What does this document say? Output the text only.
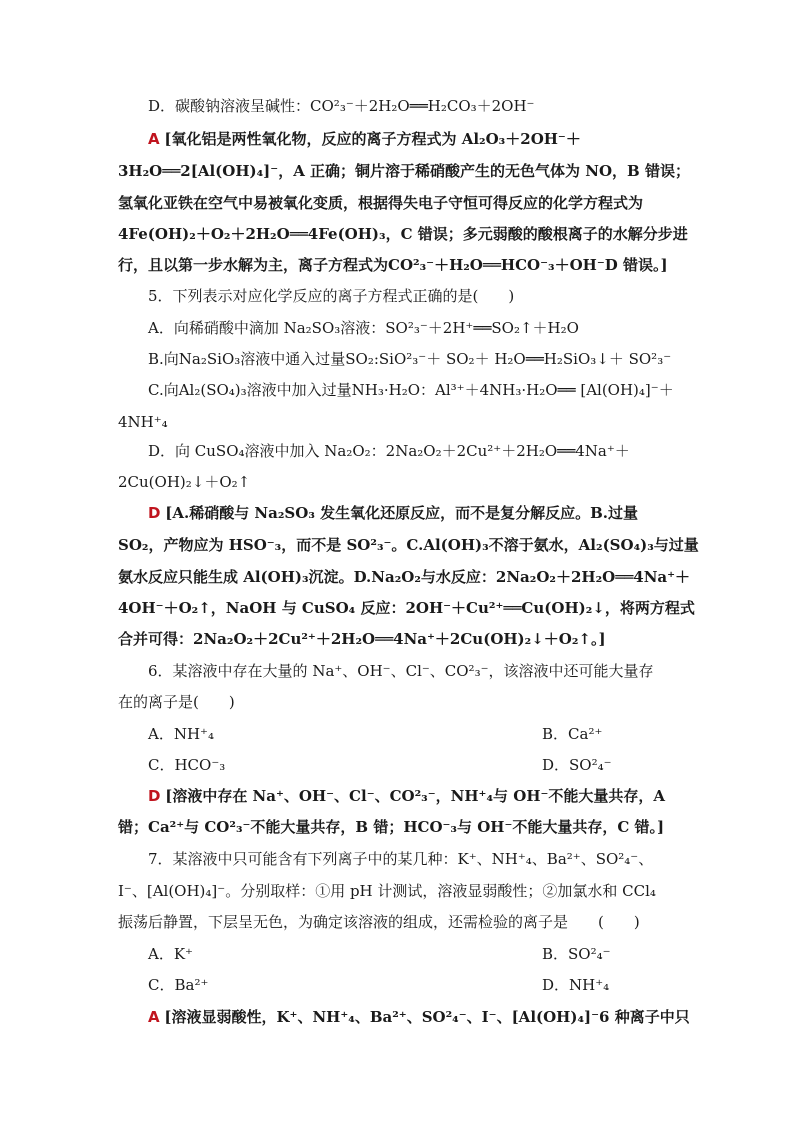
D．碳酸钠溶液呈碱性：CO²₃⁻＋2H₂O══H₂CO₃＋2OH⁻
A [氧化铝是两性氧化物，反应的离子方程式为 Al₂O₃＋2OH⁻＋
3H₂O══2[Al(OH)₄]⁻，A 正确；铜片溶于稀硝酸产生的无色气体为 NO，B 错误；
氢氧化亚铁在空气中易被氧化变质，根据得失电子守恒可得反应的化学方程式为
4Fe(OH)₂＋O₂＋2H₂O══4Fe(OH)₃，C 错误；多元弱酸的酸根离子的水解分步进
行，且以第一步水解为主，离子方程式为CO²₃⁻＋H₂O══HCO⁻₃＋OH⁻D 错误。]
5．下列表示对应化学反应的离子方程式正确的是(　　)
A．向稀硝酸中滴加 Na₂SO₃溶液：SO²₃⁻＋2H⁺══SO₂↑＋H₂O
B.向Na₂SiO₃溶液中通入过量SO₂:SiO²₃⁻＋ SO₂＋ H₂O══H₂SiO₃↓＋ SO²₃⁻
C.向Al₂(SO₄)₃溶液中加入过量NH₃·H₂O：Al³⁺＋4NH₃·H₂O══ [Al(OH)₄]⁻＋
4NH⁺₄
D．向 CuSO₄溶液中加入 Na₂O₂：2Na₂O₂＋2Cu²⁺＋2H₂O══4Na⁺＋
2Cu(OH)₂↓＋O₂↑
D [A.稀硝酸与 Na₂SO₃ 发生氧化还原反应，而不是复分解反应。B.过量
SO₂，产物应为 HSO⁻₃，而不是 SO²₃⁻。C.Al(OH)₃不溶于氨水，Al₂(SO₄)₃与过量
氨水反应只能生成 Al(OH)₃沉淀。D.Na₂O₂与水反应：2Na₂O₂＋2H₂O══4Na⁺＋
4OH⁻＋O₂↑，NaOH 与 CuSO₄ 反应：2OH⁻＋Cu²⁺══Cu(OH)₂↓，将两方程式
合并可得：2Na₂O₂＋2Cu²⁺＋2H₂O══4Na⁺＋2Cu(OH)₂↓＋O₂↑。]
6．某溶液中存在大量的 Na⁺、OH⁻、Cl⁻、CO²₃⁻，该溶液中还可能大量存
在的离子是(　　)
A．NH⁺₄	B．Ca²⁺
C．HCO⁻₃	D．SO²₄⁻
D [溶液中存在 Na⁺、OH⁻、Cl⁻、CO²₃⁻，NH⁺₄与 OH⁻不能大量共存，A
错；Ca²⁺与 CO²₃⁻不能大量共存，B 错；HCO⁻₃与 OH⁻不能大量共存，C 错。]
7．某溶液中只可能含有下列离子中的某几种：K⁺、NH⁺₄、Ba²⁺、SO²₄⁻、
I⁻、[Al(OH)₄]⁻。分别取样：①用 pH 计测试，溶液显弱酸性；②加氯水和 CCl₄
振荡后静置，下层呈无色，为确定该溶液的组成，还需检验的离子是　　(　　)
A．K⁺	B．SO²₄⁻
C．Ba²⁺	D．NH⁺₄
A [溶液显弱酸性，K⁺、NH⁺₄、Ba²⁺、SO²₄⁻、I⁻、[Al(OH)₄]⁻6 种离子中只
